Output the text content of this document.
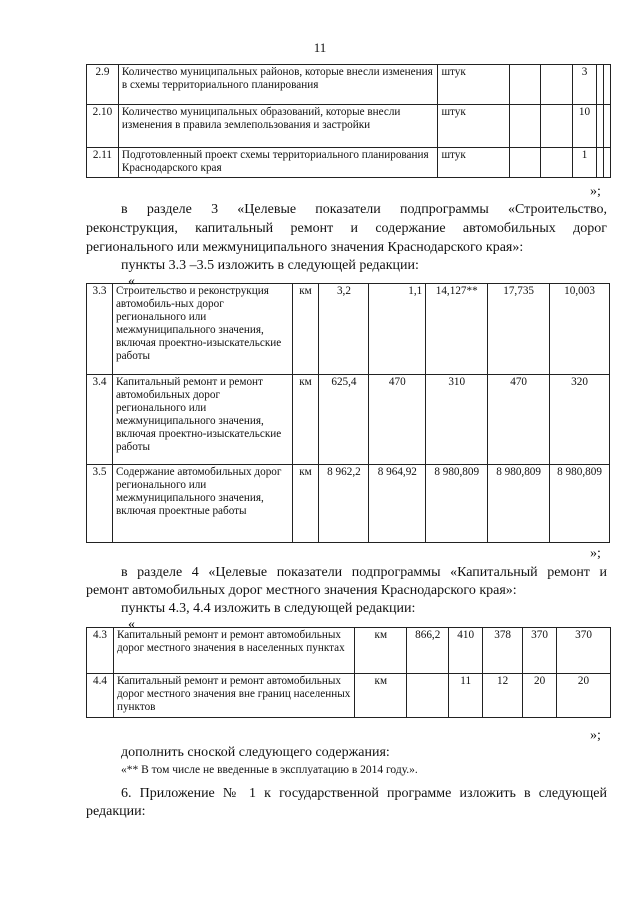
11
2.9	Количество муниципальных районов, которые внесли изменения в схемы территориального планирования	штук			3		
2.10	Количество муниципальных образований, которые внесли изменения в правила землепользования и застройки	штук			10		
2.11	Подготовленный проект схемы территориального планирования Краснодарского края	штук			1		
»;
в разделе 3 «Целевые показатели подпрограммы «Строительство,
реконструкция, капитальный ремонт и содержание автомобильных дорог
регионального или межмуниципального значения Краснодарского края»:
пункты 3.3 –3.5 изложить в следующей редакции:
«
3.3	Строительство и реконструкция автомобиль-ных дорог регионального или межмуниципального значения, включая проектно-изыскательские работы	км	3,2	1,1	14,127**	17,735	10,003
3.4	Капитальный ремонт и ремонт автомобильных дорог регионального или межмуниципального значения, включая проектно-изыскательские работы	км	625,4	470	310	470	320
3.5	Содержание автомобильных дорог регионального или межмуниципального значения, включая проектные работы	км	8 962,2	8 964,92	8 980,809	8 980,809	8 980,809
»;
в разделе 4 «Целевые показатели подпрограммы «Капитальный ремонт и
ремонт автомобильных дорог местного значения Краснодарского края»:
пункты 4.3, 4.4 изложить в следующей редакции:
«
4.3	Капитальный ремонт и ремонт автомобильных дорог местного значения в населенных пунктах	км	866,2	410	378	370	370
4.4	Капитальный ремонт и ремонт автомобильных дорог местного значения вне границ населенных пунктов	км		11	12	20	20
»;
дополнить сноской следующего содержания:
«** В том числе не введенные в эксплуатацию в 2014 году.».
6. Приложение № 1 к государственной программе изложить в следующей
редакции:
